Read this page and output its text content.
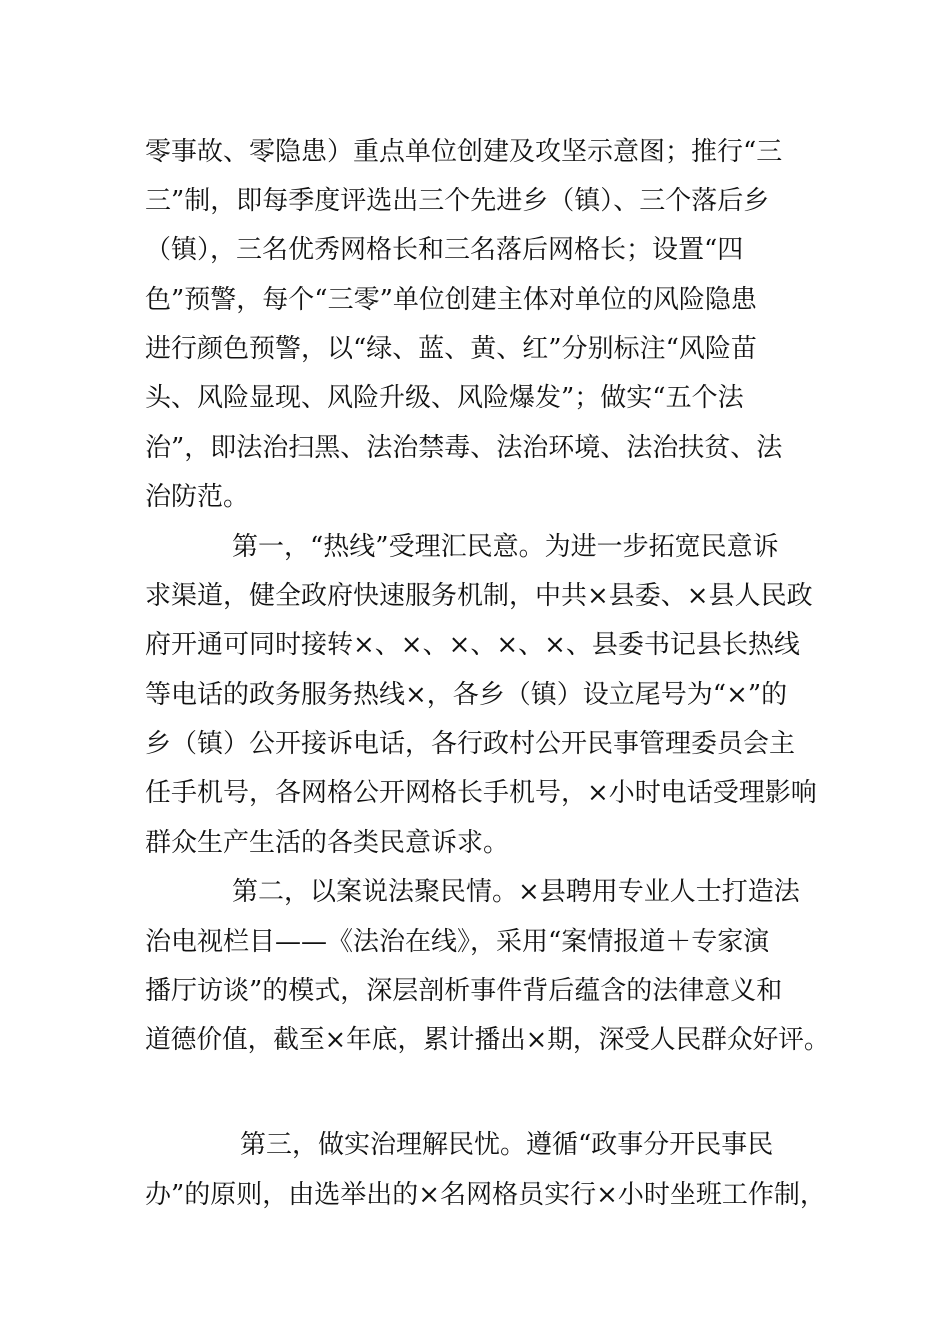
零事故、零隐患）重点单位创建及攻坚示意图；推行“三
三”制，即每季度评选出三个先进乡（镇）、三个落后乡
（镇），三名优秀网格长和三名落后网格长；设置“四
色”预警，每个“三零”单位创建主体对单位的风险隐患
进行颜色预警，以“绿、蓝、黄、红”分别标注“风险苗
头、风险显现、风险升级、风险爆发”；做实“五个法
治”，即法治扫黑、法治禁毒、法治环境、法治扶贫、法
治防范。
第一，“热线”受理汇民意。为进一步拓宽民意诉
求渠道，健全政府快速服务机制，中共×县委、×县人民政
府开通可同时接转×、×、×、×、×、县委书记县长热线
等电话的政务服务热线×，各乡（镇）设立尾号为“×”的
乡（镇）公开接诉电话，各行政村公开民事管理委员会主
任手机号，各网格公开网格长手机号，×小时电话受理影响
群众生产生活的各类民意诉求。
第二，以案说法聚民情。×县聘用专业人士打造法
治电视栏目——《法治在线》，采用“案情报道＋专家演
播厅访谈”的模式，深层剖析事件背后蕴含的法律意义和
道德价值，截至×年底，累计播出×期，深受人民群众好评。
第三，做实治理解民忧。遵循“政事分开民事民
办”的原则，由选举出的×名网格员实行×小时坐班工作制，
